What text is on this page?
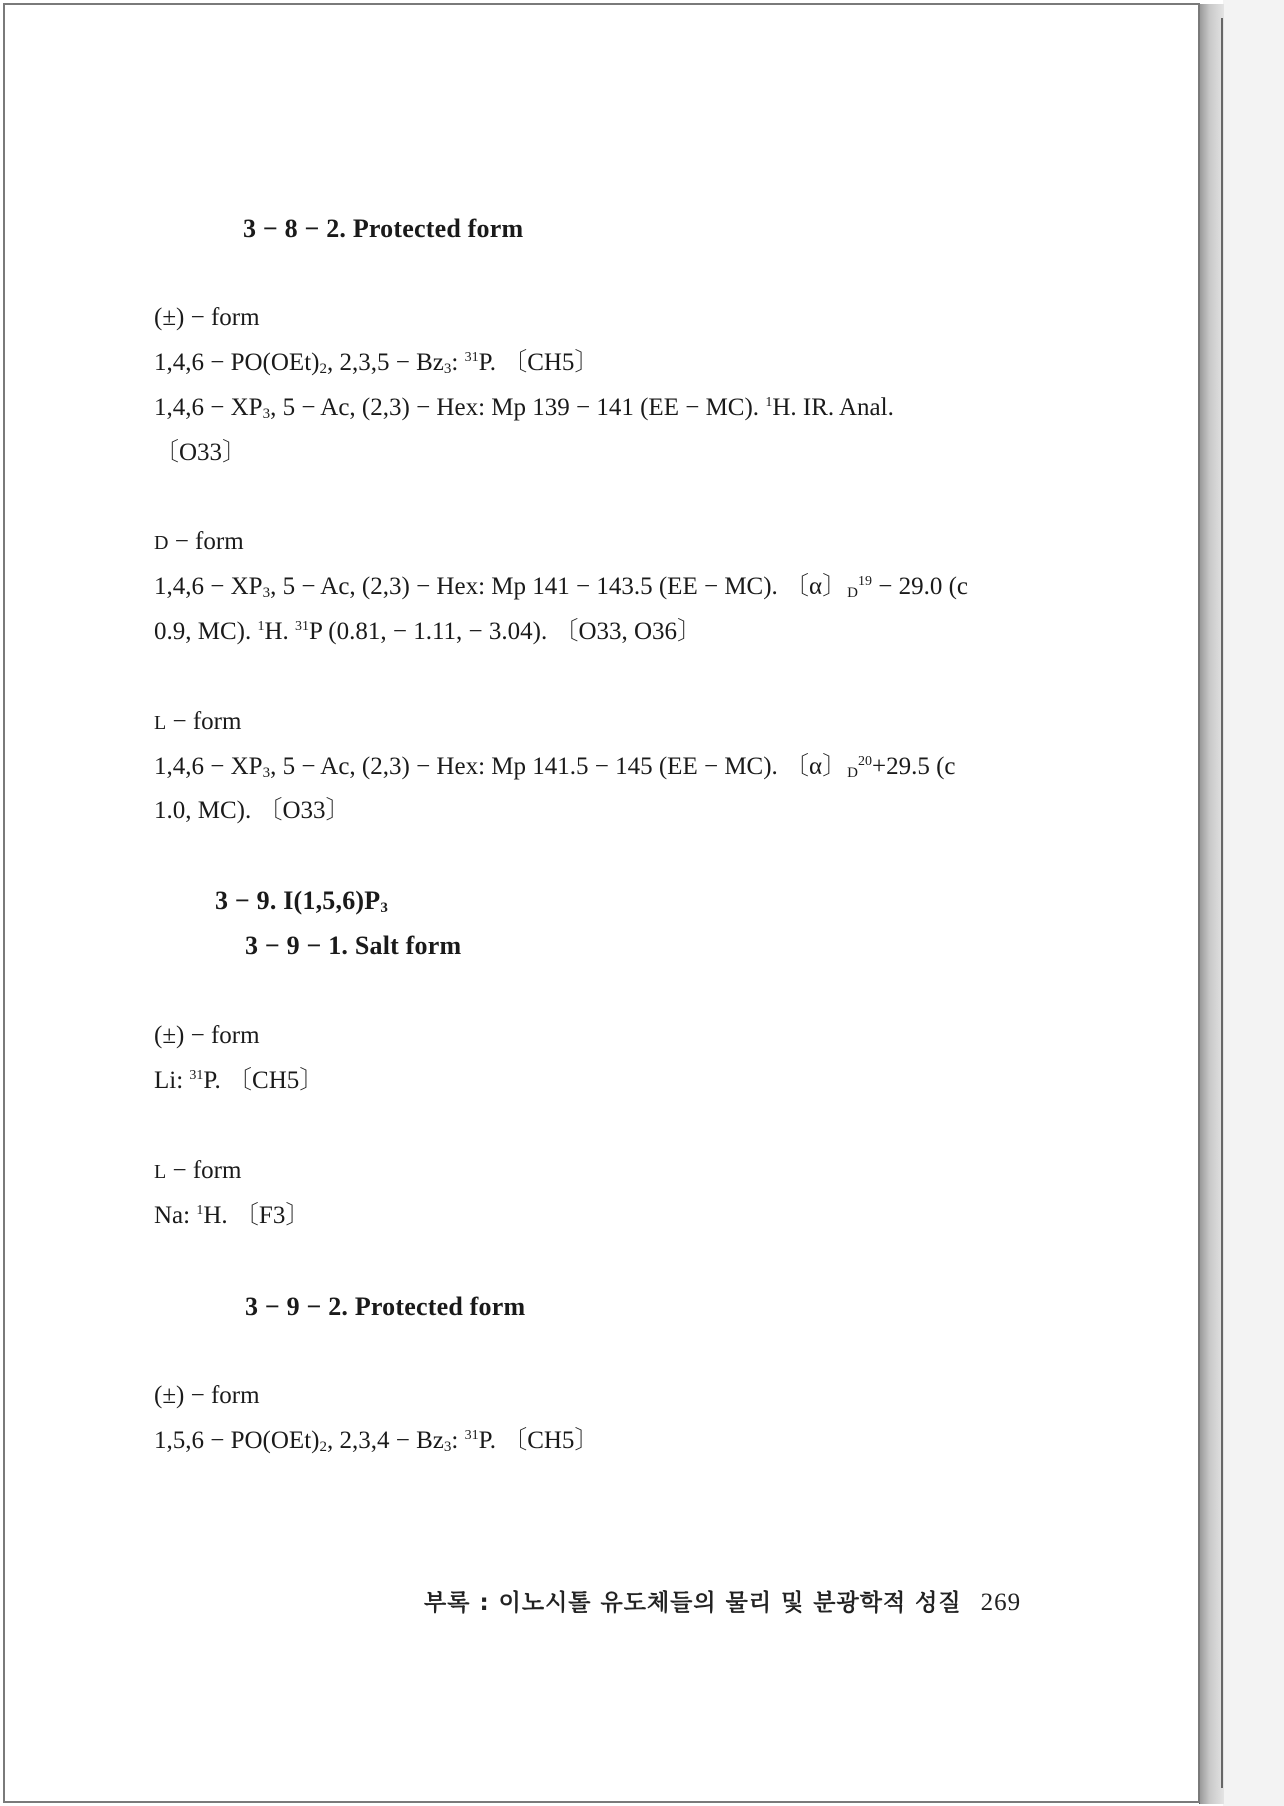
3 − 8 − 2. Protected form
(±) − form
$1,4,6 - PO(OEt)_2$, $2,3,5 - Bz_3$: $^{31}$P. 〔CH5〕
$1,4,6 - XP_3$, 5 − Ac, (2,3) − Hex: Mp 139 − 141 (EE − MC). $^1$H. IR. Anal.
〔O33〕
D − form
$1,4,6 - XP_3$, 5 − Ac, (2,3) − Hex: Mp 141 − 143.5 (EE − MC). 〔α〕$_D^{19}$ − 29.0 (c
0.9, MC). $^1$H. $^{31}$P (0.81, − 1.11, − 3.04). 〔O33, O36〕
L − form
$1,4,6 - XP_3$, 5 − Ac, (2,3) − Hex: Mp 141.5 − 145 (EE − MC). 〔α〕$_D^{20}$+29.5 (c
1.0, MC). 〔O33〕
3 − 9. $I(1,5,6)P_3$
3 − 9 − 1. Salt form
(±) − form
Li: $^{31}$P. 〔CH5〕
L − form
Na: $^1$H. 〔F3〕
3 − 9 − 2. Protected form
(±) − form
$1,5,6 - PO(OEt)_2$, $2,3,4 - Bz_3$: $^{31}$P. 〔CH5〕
부록 : 이노시톨 유도체들의 물리 및 분광학적 성질 269
